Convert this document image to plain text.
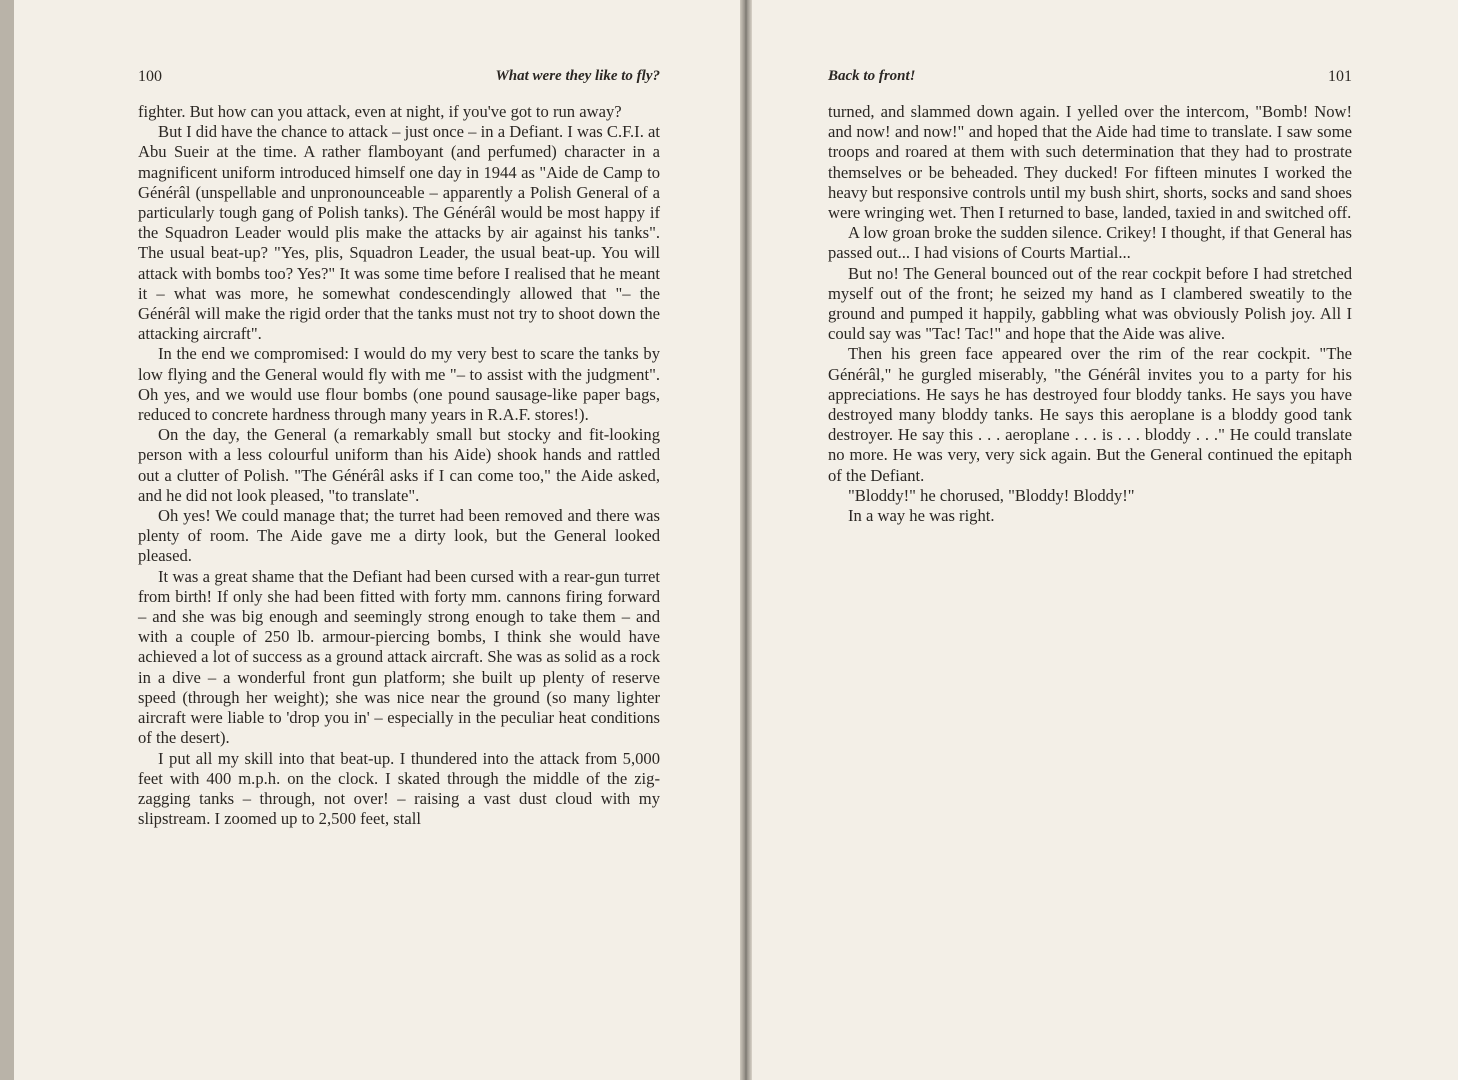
100	What were they like to fly?

fighter. But how can you attack, even at night, if you've got to run away?

But I did have the chance to attack – just once – in a Defiant. I was C.F.I. at Abu Sueir at the time. A rather flamboyant (and perfumed) character in a magnificent uniform introduced himself one day in 1944 as "Aide de Camp to Générâl (unspellable and unpronounceable – apparently a Polish General of a particularly tough gang of Polish tanks). The Générâl would be most happy if the Squadron Leader would plis make the attacks by air against his tanks". The usual beat-up? "Yes, plis, Squadron Leader, the usual beat-up. You will attack with bombs too? Yes?" It was some time before I realised that he meant it – what was more, he somewhat condescendingly allowed that "– the Générâl will make the rigid order that the tanks must not try to shoot down the attacking aircraft".

In the end we compromised: I would do my very best to scare the tanks by low flying and the General would fly with me "– to assist with the judgment". Oh yes, and we would use flour bombs (one pound sausage-like paper bags, reduced to concrete hardness through many years in R.A.F. stores!).

On the day, the General (a remarkably small but stocky and fit-looking person with a less colourful uniform than his Aide) shook hands and rattled out a clutter of Polish. "The Générâl asks if I can come too," the Aide asked, and he did not look pleased, "to translate".

Oh yes! We could manage that; the turret had been removed and there was plenty of room. The Aide gave me a dirty look, but the General looked pleased.

It was a great shame that the Defiant had been cursed with a rear-gun turret from birth! If only she had been fitted with forty mm. cannons firing forward – and she was big enough and seemingly strong enough to take them – and with a couple of 250 lb. armour-piercing bombs, I think she would have achieved a lot of success as a ground attack aircraft. She was as solid as a rock in a dive – a wonderful front gun platform; she built up plenty of reserve speed (through her weight); she was nice near the ground (so many lighter aircraft were liable to 'drop you in' – especially in the peculiar heat conditions of the desert).

I put all my skill into that beat-up. I thundered into the attack from 5,000 feet with 400 m.p.h. on the clock. I skated through the middle of the zig-zagging tanks – through, not over! – raising a vast dust cloud with my slipstream. I zoomed up to 2,500 feet, stall

Back to front!	101

turned, and slammed down again. I yelled over the intercom, "Bomb! Now! and now! and now!" and hoped that the Aide had time to translate. I saw some troops and roared at them with such determination that they had to prostrate themselves or be beheaded. They ducked! For fifteen minutes I worked the heavy but responsive controls until my bush shirt, shorts, socks and sand shoes were wringing wet. Then I returned to base, landed, taxied in and switched off.

A low groan broke the sudden silence. Crikey! I thought, if that General has passed out... I had visions of Courts Martial...

But no! The General bounced out of the rear cockpit before I had stretched myself out of the front; he seized my hand as I clambered sweatily to the ground and pumped it happily, gabbling what was obviously Polish joy. All I could say was "Tac! Tac!" and hope that the Aide was alive.

Then his green face appeared over the rim of the rear cockpit. "The Générâl," he gurgled miserably, "the Générâl invites you to a party for his appreciations. He says he has destroyed four bloddy tanks. He says you have destroyed many bloddy tanks. He says this aeroplane is a bloddy good tank destroyer. He say this . . . aeroplane . . . is . . . bloddy . . ." He could translate no more. He was very, very sick again. But the General continued the epitaph of the Defiant.

"Bloddy!" he chorused, "Bloddy! Bloddy!"

In a way he was right.
